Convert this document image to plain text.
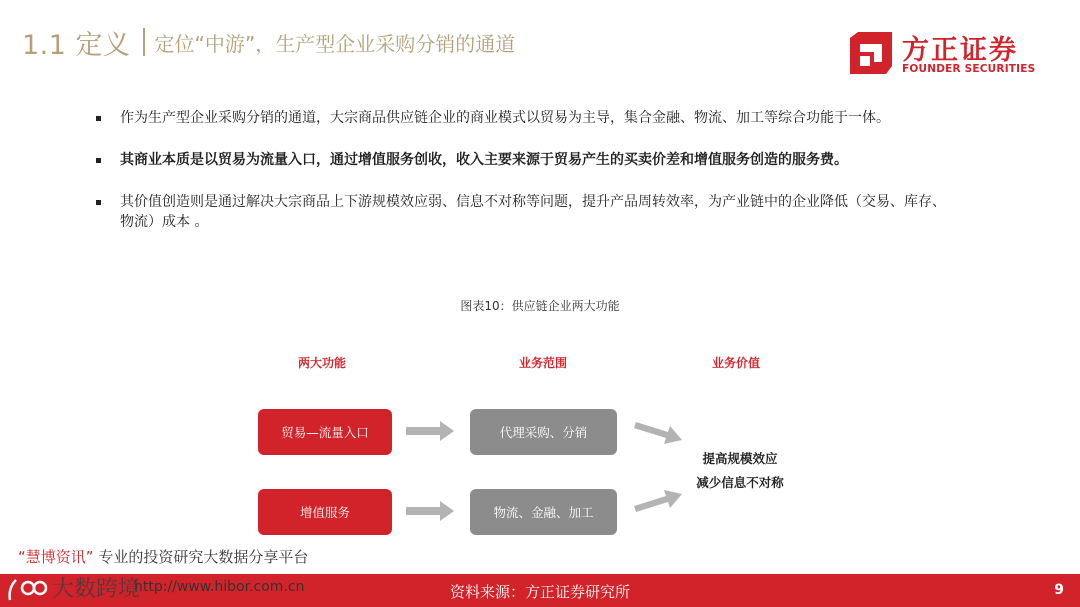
1.1 定义 定位“中游”，生产型企业采购分销的通道	方正证券
FOUNDER SECURITIES
作为生产型企业采购分销的通道，大宗商品供应链企业的商业模式以贸易为主导，集合金融、物流、加工等综合功能于一体。
其商业本质是以贸易为流量入口，通过增值服务创收，收入主要来源于贸易产生的买卖价差和增值服务创造的服务费。
其价值创造则是通过解决大宗商品上下游规模效应弱、信息不对称等问题，提升产品周转效率，为产业链中的企业降低（交易、库存、物流）成本 。
图表10：供应链企业两大功能
两大功能	业务范围	业务价值
贸易—流量入口
增值服务
代理采购、分销
物流、金融、加工
提高规模效应
减少信息不对称
“慧博资讯” 专业的投资研究大数据分享平台
资料来源：方正证券研究所	9
大数跨境
http://www.hibor.com.cn
